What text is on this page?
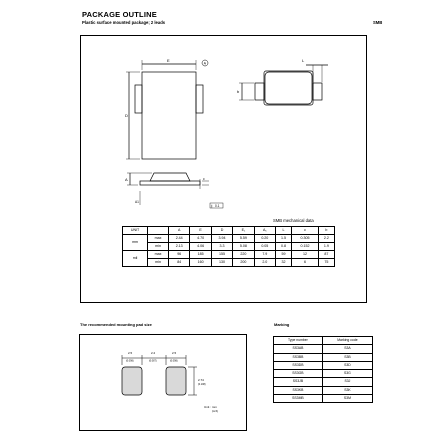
PACKAGE OUTLINE
Plastic surface mounted package; 2 leads	SMB
E
A
D
L
b
A	c
A1
∥ 0.1
SMB mechanical data
UNIT		A	E	D	E₁	A₁	L	c	b
mm	max	2.44	4.70	3.94	5.59	0.20	1.5	0.305	2.2
	min	2.13	4.06	3.3	5.08	0.05	0.8	0.152	1.9
mil	max	96	185	155	220	7.9	59	12	87
	min	84	160	130	200	2.0	32	6	75
The recommended mounting pad size
2.5
(0.098)
2.2
(0.087)
2.5
(0.098)
2.74
(0.108)
Unit : mm
(inch)
Marking
Type number	Marking code
SS3AB	S3A
SS3BB	S3B
SS3DB	S3D
SS3GB	S3G
SS3JB	S3J
SS3KB	S3K
SS3MB	S3M
